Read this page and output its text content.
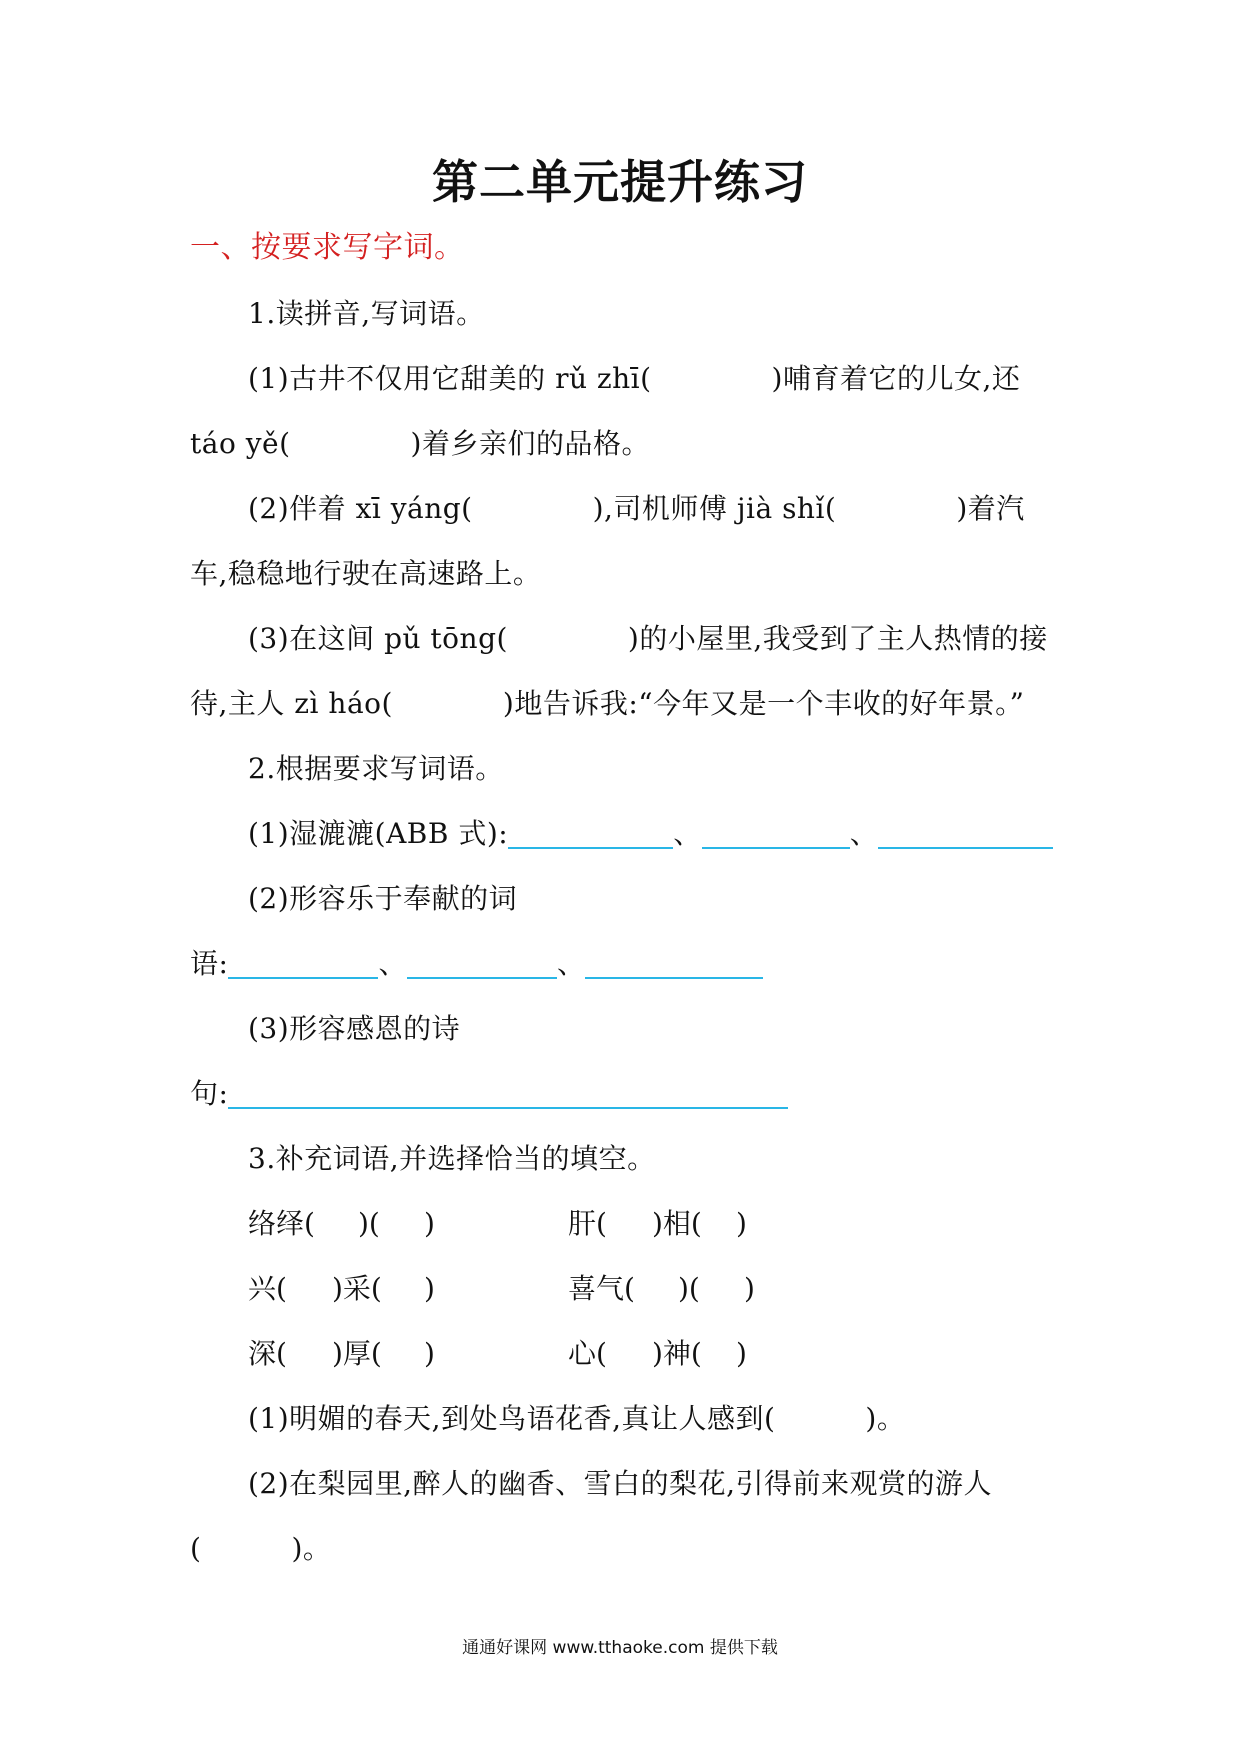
第二单元提升练习
一、按要求写字词。
1.读拼音,写词语。
(1)古井不仅用它甜美的 rǔ zhī(	)哺育着它的儿女,还
táo yě(	)着乡亲们的品格。
(2)伴着 xī yáng(	),司机师傅 jià shǐ(	)着汽
车,稳稳地行驶在高速路上。
(3)在这间 pǔ tōng(	)的小屋里,我受到了主人热情的接
待,主人 zì háo(	)地告诉我:“今年又是一个丰收的好年景。”
2.根据要求写词语。
(1)湿漉漉(ABB 式):	、	、
(2)形容乐于奉献的词
语:	、	、
(3)形容感恩的诗
句:
3.补充词语,并选择恰当的填空。
络绎( )( )	肝( )相( )
兴( )采( )	喜气( )( )
深( )厚( )	心( )神( )
(1)明媚的春天,到处鸟语花香,真让人感到(	)。
(2)在梨园里,醉人的幽香、雪白的梨花,引得前来观赏的游人
(	)。
通通好课网 www.tthaoke.com 提供下载
